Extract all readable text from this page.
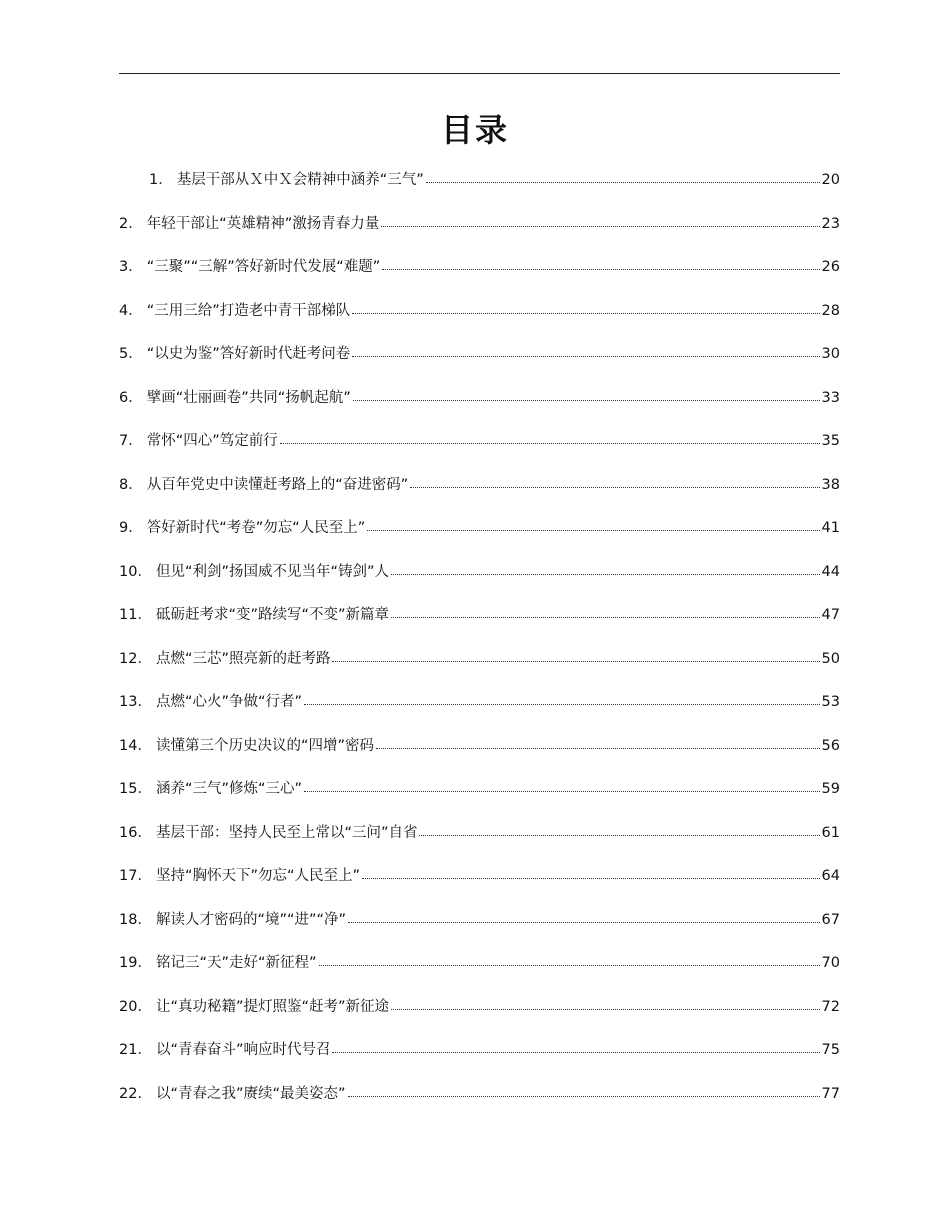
目录
1． 基层干部从Ｘ中Ｘ会精神中涵养“三气”	20
2． 年轻干部让“英雄精神”激扬青春力量	23
3． “三聚”“三解”答好新时代发展“难题”	26
4． “三用三给”打造老中青干部梯队	28
5． “以史为鉴”答好新时代赶考问卷	30
6． 擘画“壮丽画卷”共同“扬帆起航”	33
7． 常怀“四心”笃定前行	35
8． 从百年党史中读懂赶考路上的“奋进密码”	38
9． 答好新时代“考卷”勿忘“人民至上”	41
10． 但见“利剑”扬国威不见当年“铸剑”人	44
11． 砥砺赶考求“变”路续写“不变”新篇章	47
12． 点燃“三芯”照亮新的赶考路	50
13． 点燃“心火”争做“行者”	53
14． 读懂第三个历史决议的“四增”密码	56
15． 涵养“三气”修炼“三心”	59
16． 基层干部：坚持人民至上常以“三问”自省	61
17． 坚持“胸怀天下”勿忘“人民至上”	64
18． 解读人才密码的“境”“进”“净”	67
19． 铭记三“天”走好“新征程”	70
20． 让“真功秘籍”提灯照鉴“赶考”新征途	72
21． 以“青春奋斗”响应时代号召	75
22． 以“青春之我”赓续“最美姿态”	77
